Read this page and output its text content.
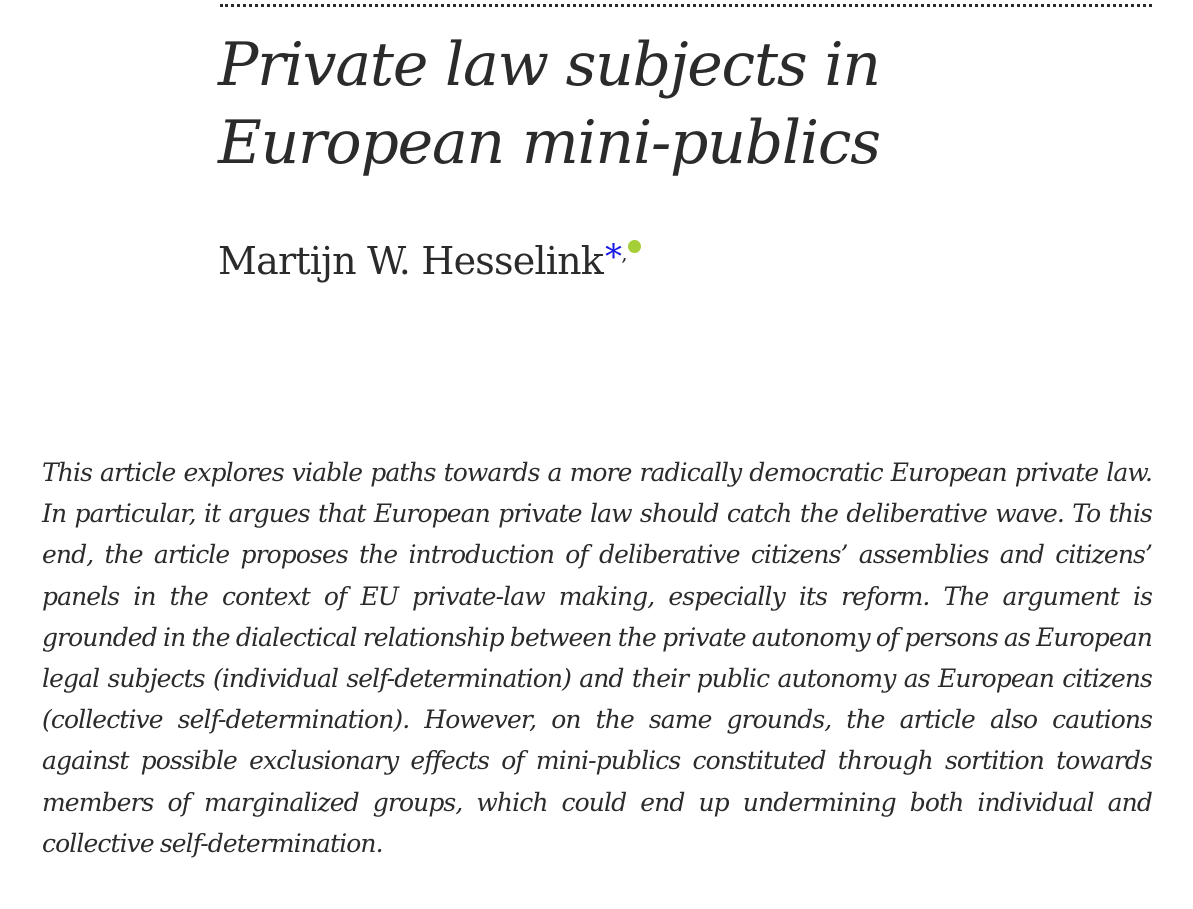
Private law subjects in European mini-publics
Martijn W. Hesselink*,

This article explores viable paths towards a more radically democratic European private law. In particular, it argues that European private law should catch the deliberative wave. To this end, the article proposes the introduction of deliberative citizens’ assemblies and citizens’ panels in the context of EU private-law making, especially its reform. The argument is grounded in the dialectical relationship between the private autonomy of persons as European legal subjects (individual self-determination) and their public autonomy as European citizens (collective self-determination). However, on the same grounds, the article also cautions against possible exclusionary effects of mini-publics constituted through sortition towards members of marginalized groups, which could end up undermining both individual and collective self-determination.
